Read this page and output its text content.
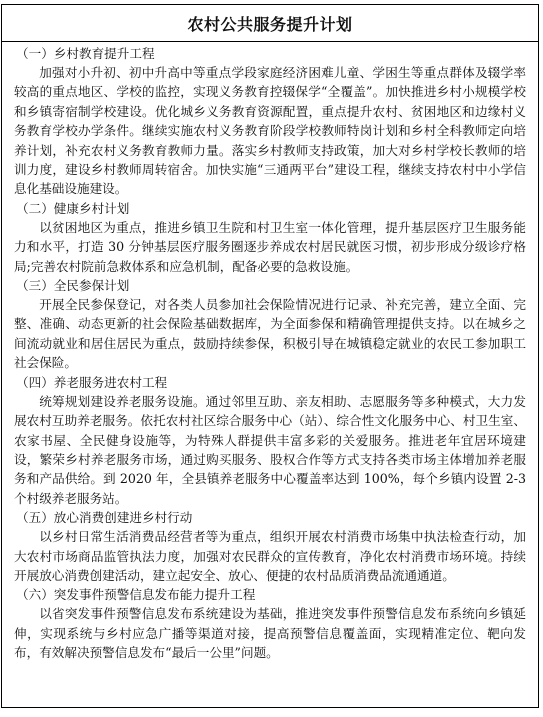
农村公共服务提升计划

（一）乡村教育提升工程

加强对小升初、初中升高中等重点学段家庭经济困难儿童、学困生等重点群体及辍学率较高的重点地区、学校的监控，实现义务教育控辍保学“全覆盖”。加快推进乡村小规模学校和乡镇寄宿制学校建设。优化城乡义务教育资源配置，重点提升农村、贫困地区和边缘村义务教育学校办学条件。继续实施农村义务教育阶段学校教师特岗计划和乡村全科教师定向培养计划，补充农村义务教育教师力量。落实乡村教师支持政策，加大对乡村学校长教师的培训力度，建设乡村教师周转宿舍。加快实施“三通两平台”建设工程，继续支持农村中小学信息化基础设施建设。

（二）健康乡村计划

以贫困地区为重点，推进乡镇卫生院和村卫生室一体化管理，提升基层医疗卫生服务能力和水平，打造 30 分钟基层医疗服务圈逐步养成农村居民就医习惯，初步形成分级诊疗格局;完善农村院前急救体系和应急机制，配备必要的急救设施。

（三）全民参保计划

开展全民参保登记，对各类人员参加社会保险情况进行记录、补充完善，建立全面、完整、准确、动态更新的社会保险基础数据库，为全面参保和精确管理提供支持。以在城乡之间流动就业和居住居民为重点，鼓励持续参保，积极引导在城镇稳定就业的农民工参加职工社会保险。

（四）养老服务进农村工程

统筹规划建设养老服务设施。通过邻里互助、亲友相助、志愿服务等多种模式，大力发展农村互助养老服务。依托农村社区综合服务中心（站）、综合性文化服务中心、村卫生室、农家书屋、全民健身设施等，为特殊人群提供丰富多彩的关爱服务。推进老年宜居环境建设，繁荣乡村养老服务市场，通过购买服务、股权合作等方式支持各类市场主体增加养老服务和产品供给。到 2020 年，全县镇养老服务中心覆盖率达到 100%，每个乡镇内设置 2-3 个村级养老服务站。

（五）放心消费创建进乡村行动

以乡村日常生活消费品经营者等为重点，组织开展农村消费市场集中执法检查行动，加大农村市场商品监管执法力度，加强对农民群众的宣传教育，净化农村消费市场环境。持续开展放心消费创建活动，建立起安全、放心、便捷的农村品质消费品流通通道。

（六）突发事件预警信息发布能力提升工程

以省突发事件预警信息发布系统建设为基础，推进突发事件预警信息发布系统向乡镇延伸，实现系统与乡村应急广播等渠道对接，提高预警信息覆盖面，实现精准定位、靶向发布，有效解决预警信息发布“最后一公里”问题。
